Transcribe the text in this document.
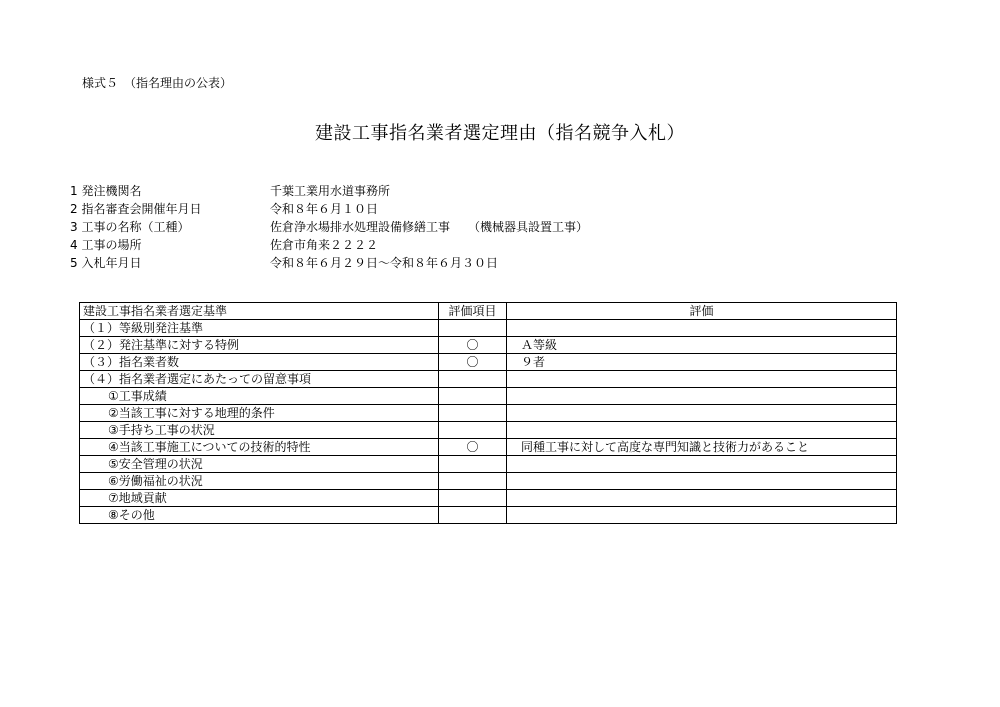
様式５　（指名理由の公表）
建設工事指名業者選定理由（指名競争入札）
1 発注機関名	千葉工業用水道事務所
2 指名審査会開催年月日	令和８年６月１０日
3 工事の名称（工種）	佐倉浄水場排水処理設備修繕工事　　（機械器具設置工事）
4 工事の場所	佐倉市角来２２２２
5 入札年月日	令和８年６月２９日～令和８年６月３０日
建設工事指名業者選定基準	評価項目	評価
（１）等級別発注基準		
（２）発注基準に対する特例	〇	Ａ等級
（３）指名業者数	〇	９者
（４）指名業者選定にあたっての留意事項		
①工事成績		
②当該工事に対する地理的条件		
③手持ち工事の状況		
④当該工事施工についての技術的特性	〇	同種工事に対して高度な専門知識と技術力があること
⑤安全管理の状況		
⑥労働福祉の状況		
⑦地域貢献		
⑧その他		
